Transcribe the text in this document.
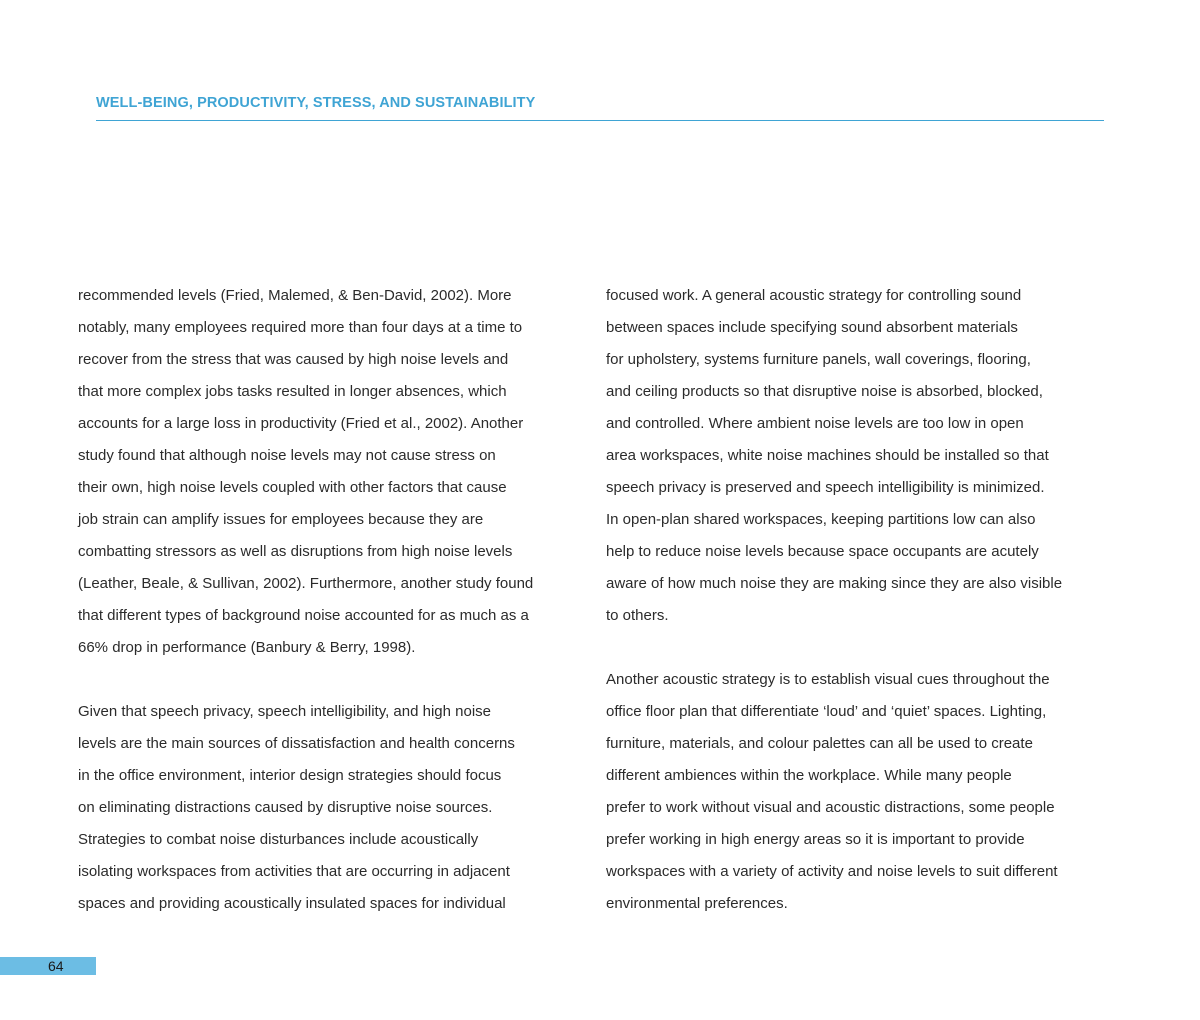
WELL-BEING, PRODUCTIVITY, STRESS, AND SUSTAINABILITY

recommended levels (Fried, Malemed, & Ben-David, 2002). More
notably, many employees required more than four days at a time to
recover from the stress that was caused by high noise levels and
that more complex jobs tasks resulted in longer absences, which
accounts for a large loss in productivity (Fried et al., 2002). Another
study found that although noise levels may not cause stress on
their own, high noise levels coupled with other factors that cause
job strain can amplify issues for employees because they are
combatting stressors as well as disruptions from high noise levels
(Leather, Beale, & Sullivan, 2002). Furthermore, another study found
that different types of background noise accounted for as much as a
66% drop in performance (Banbury & Berry, 1998).

Given that speech privacy, speech intelligibility, and high noise
levels are the main sources of dissatisfaction and health concerns
in the office environment, interior design strategies should focus
on eliminating distractions caused by disruptive noise sources.
Strategies to combat noise disturbances include acoustically
isolating workspaces from activities that are occurring in adjacent
spaces and providing acoustically insulated spaces for individual

focused work. A general acoustic strategy for controlling sound
between spaces include specifying sound absorbent materials
for upholstery, systems furniture panels, wall coverings, flooring,
and ceiling products so that disruptive noise is absorbed, blocked,
and controlled. Where ambient noise levels are too low in open
area workspaces, white noise machines should be installed so that
speech privacy is preserved and speech intelligibility is minimized.
In open-plan shared workspaces, keeping partitions low can also
help to reduce noise levels because space occupants are acutely
aware of how much noise they are making since they are also visible
to others.

Another acoustic strategy is to establish visual cues throughout the
office floor plan that differentiate ‘loud’ and ‘quiet’ spaces. Lighting,
furniture, materials, and colour palettes can all be used to create
different ambiences within the workplace. While many people
prefer to work without visual and acoustic distractions, some people
prefer working in high energy areas so it is important to provide
workspaces with a variety of activity and noise levels to suit different
environmental preferences.

64
